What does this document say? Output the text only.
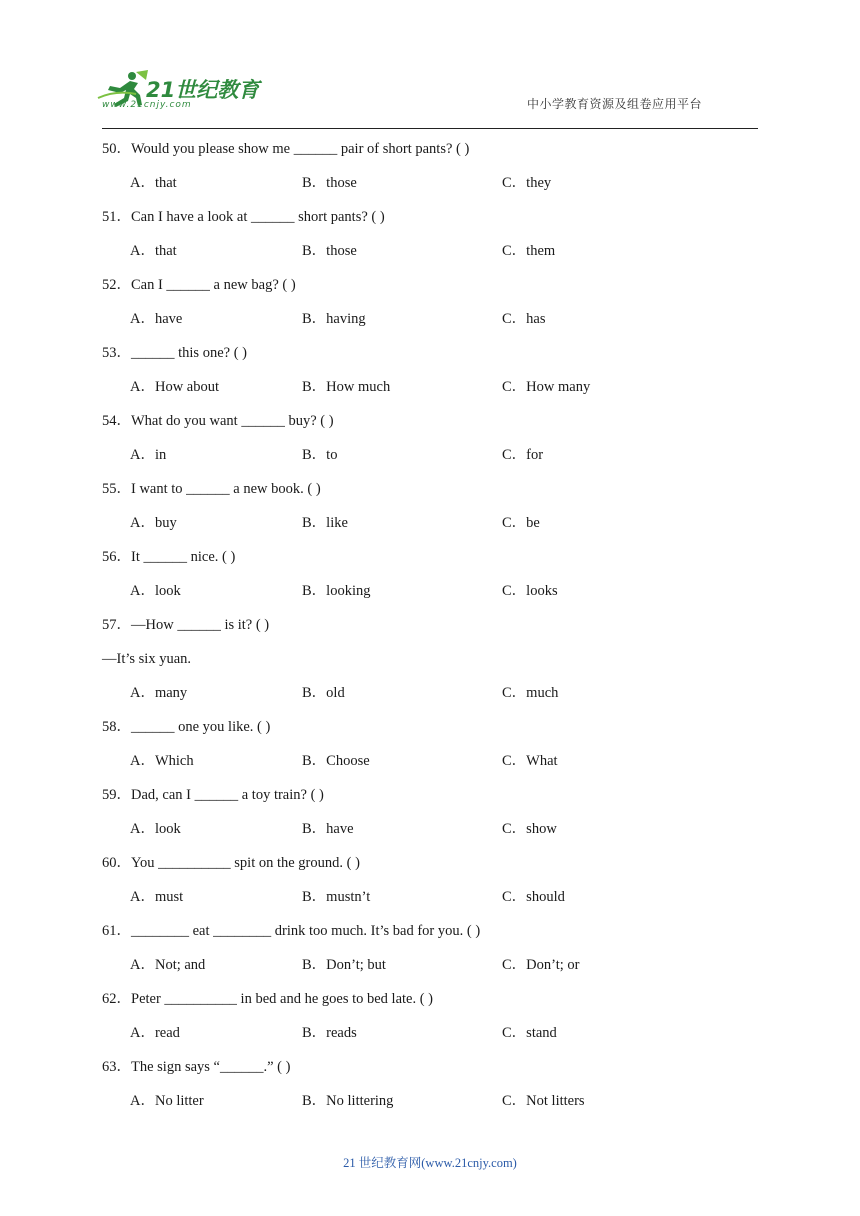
21世纪教育
www.21cnjy.com	中小学教育资源及组卷应用平台
50．Would you please show me ______ pair of short pants? ( )
A．that	B．those	C．they
51．Can I have a look at ______ short pants? ( )
A．that	B．those	C．them
52．Can I ______ a new bag? ( )
A．have	B．having	C．has
53．______ this one? ( )
A．How about	B．How much	C．How many
54．What do you want ______ buy? ( )
A．in	B．to	C．for
55．I want to ______ a new book. ( )
A．buy	B．like	C．be
56．It ______ nice. ( )
A．look	B．looking	C．looks
57．—How ______ is it? ( )
—It’s six yuan.
A．many	B．old	C．much
58．______ one you like. ( )
A．Which	B．Choose	C．What
59．Dad, can I ______ a toy train? ( )
A．look	B．have	C．show
60．You __________ spit on the ground. ( )
A．must	B．mustn’t	C．should
61．________ eat ________ drink too much. It’s bad for you. ( )
A．Not; and	B．Don’t; but	C．Don’t; or
62．Peter __________ in bed and he goes to bed late. ( )
A．read	B．reads	C．stand
63．The sign says “______.” ( )
A．No litter	B．No littering	C．Not litters
21 世纪教育网(www.21cnjy.com)
